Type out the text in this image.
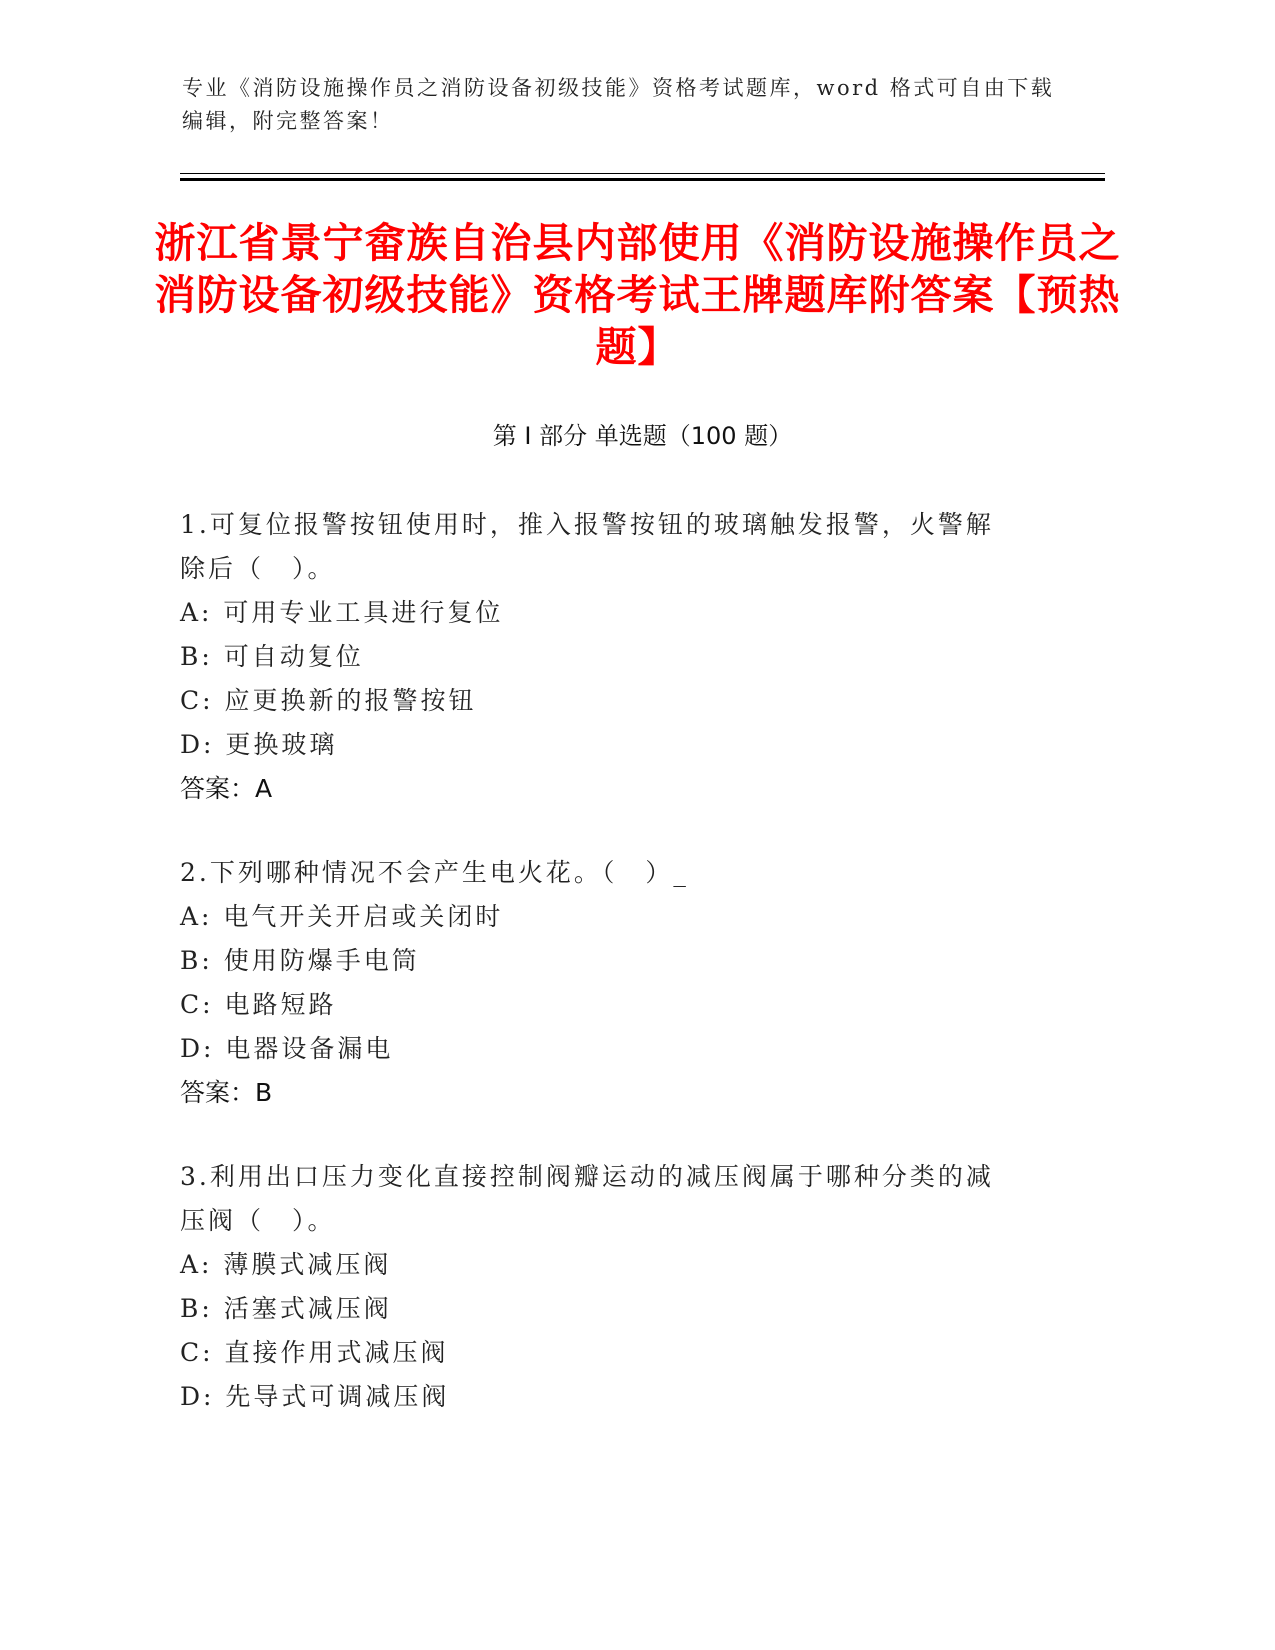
专业《消防设施操作员之消防设备初级技能》资格考试题库，word 格式可自由下载编辑，附完整答案！
浙江省景宁畲族自治县内部使用《消防设施操作员之消防设备初级技能》资格考试王牌题库附答案【预热题】
第 I 部分 单选题（100 题）
1.可复位报警按钮使用时，推入报警按钮的玻璃触发报警，火警解除后（　）。
A: 可用专业工具进行复位
B: 可自动复位
C: 应更换新的报警按钮
D: 更换玻璃
答案：A
2.下列哪种情况不会产生电火花。（　）_
A: 电气开关开启或关闭时
B: 使用防爆手电筒
C: 电路短路
D: 电器设备漏电
答案：B
3.利用出口压力变化直接控制阀瓣运动的减压阀属于哪种分类的减压阀（　）。
A: 薄膜式减压阀
B: 活塞式减压阀
C: 直接作用式减压阀
D: 先导式可调减压阀
